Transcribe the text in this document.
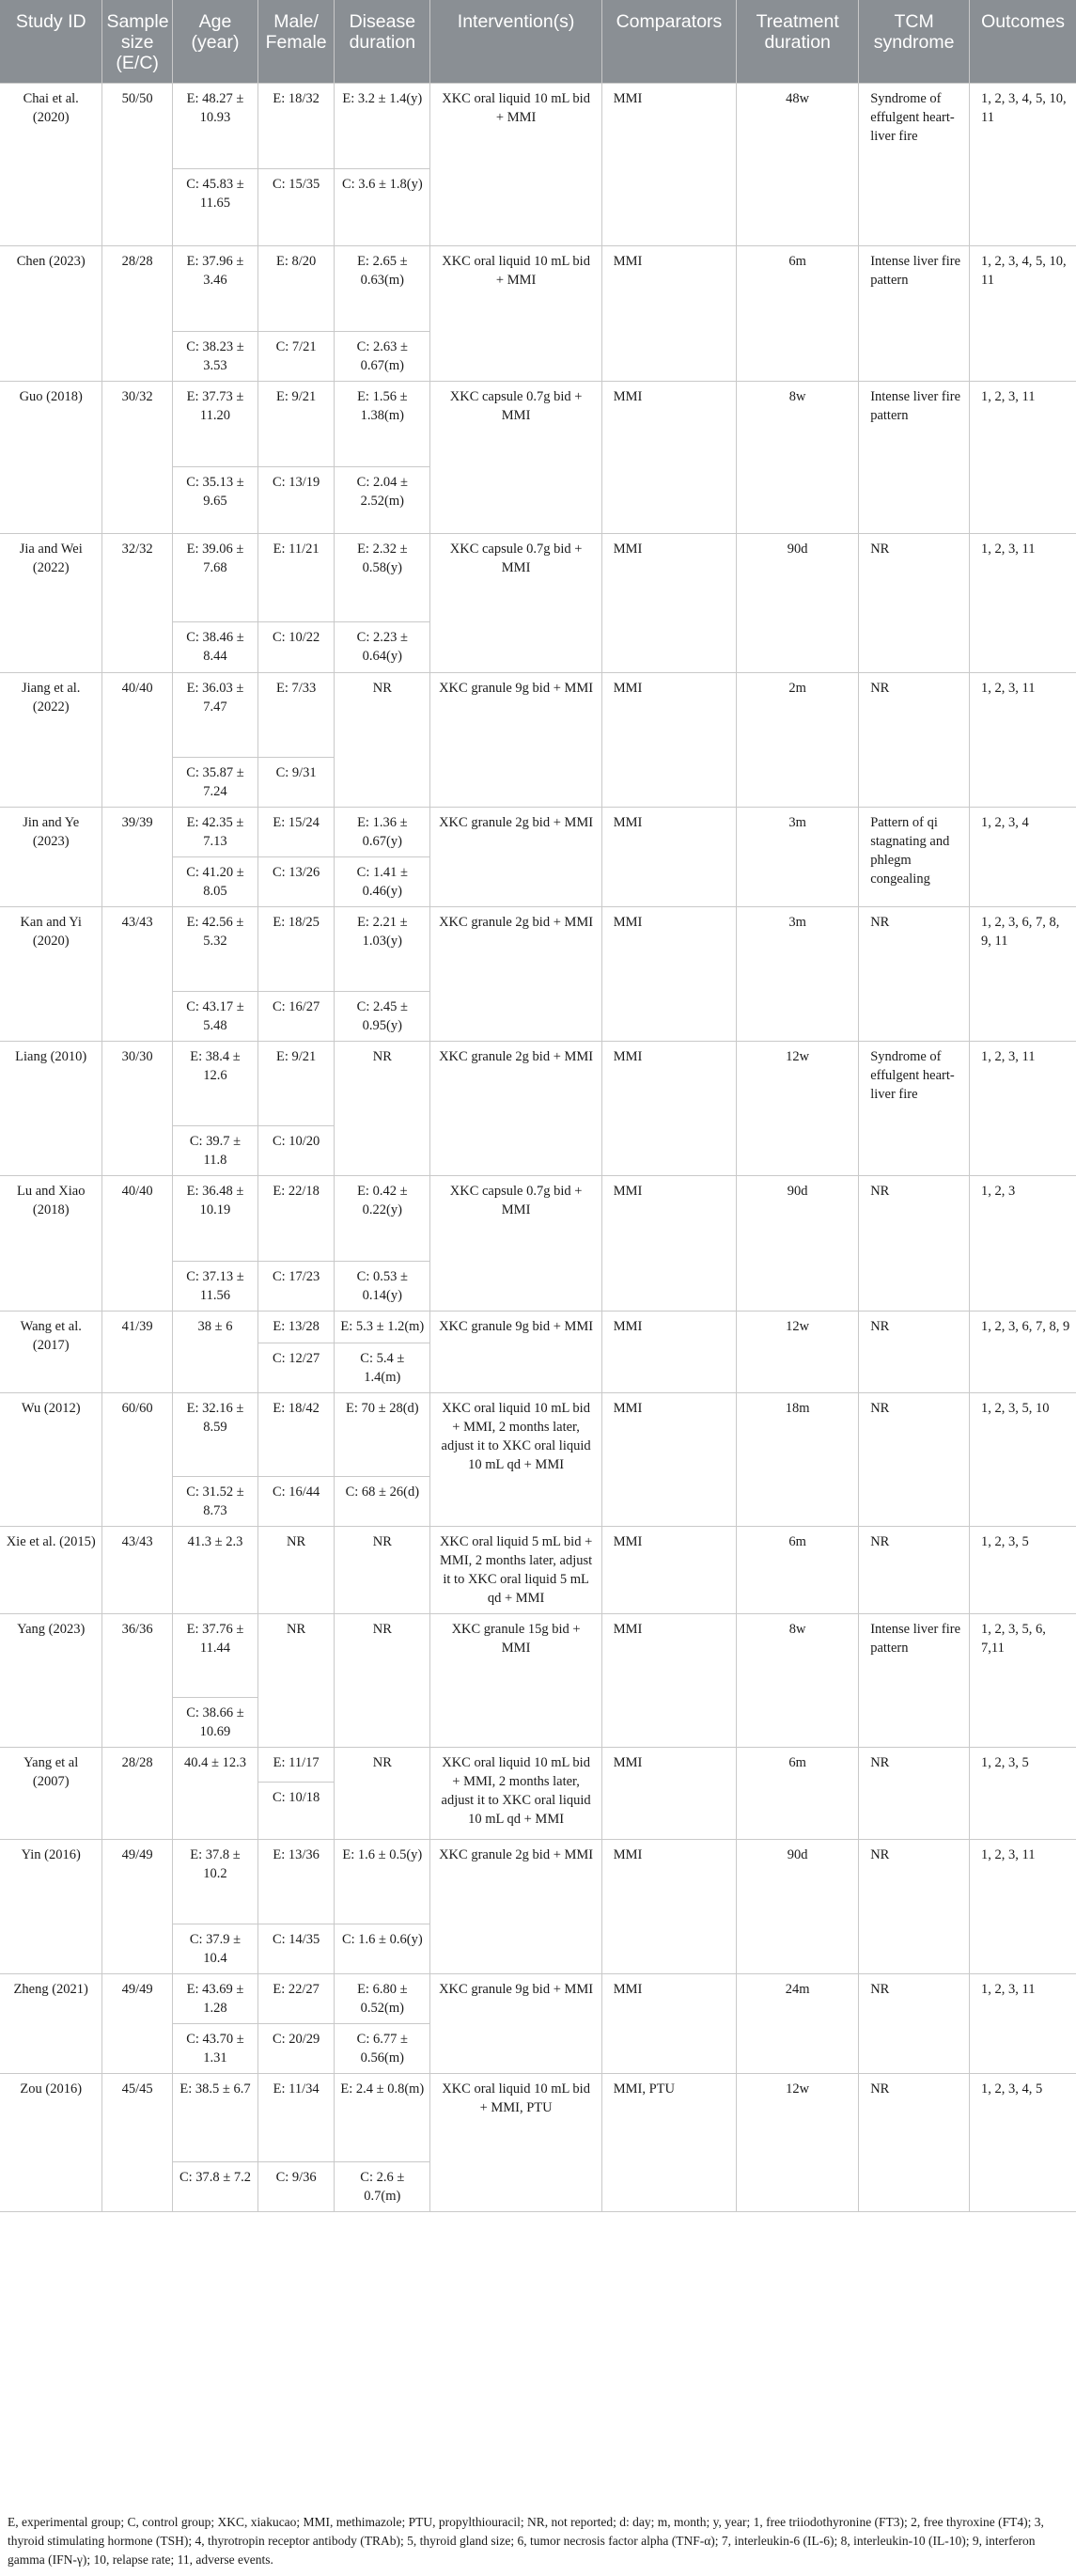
Study ID	Sample size (E/C)	Age (year)	Male/ Female	Disease duration	Intervention(s)	Comparators	Treatment duration	TCM syndrome	Outcomes
Chai et al. (2020)	50/50	E: 48.27 ± 10.93	E: 18/32	E: 3.2 ± 1.4(y)	XKC oral liquid 10 mL bid + MMI	MMI	48w	Syndrome of effulgent heart-liver fire	1, 2, 3, 4, 5, 10, 11
		C: 45.83 ± 11.65	C: 15/35	C: 3.6 ± 1.8(y)					
Chen (2023)	28/28	E: 37.96 ± 3.46	E: 8/20	E: 2.65 ± 0.63(m)	XKC oral liquid 10 mL bid + MMI	MMI	6m	Intense liver fire pattern	1, 2, 3, 4, 5, 10, 11
		C: 38.23 ± 3.53	C: 7/21	C: 2.63 ± 0.67(m)					
Guo (2018)	30/32	E: 37.73 ± 11.20	E: 9/21	E: 1.56 ± 1.38(m)	XKC capsule 0.7g bid + MMI	MMI	8w	Intense liver fire pattern	1, 2, 3, 11
		C: 35.13 ± 9.65	C: 13/19	C: 2.04 ± 2.52(m)					
Jia and Wei (2022)	32/32	E: 39.06 ± 7.68	E: 11/21	E: 2.32 ± 0.58(y)	XKC capsule 0.7g bid + MMI	MMI	90d	NR	1, 2, 3, 11
		C: 38.46 ± 8.44	C: 10/22	C: 2.23 ± 0.64(y)					
Jiang et al. (2022)	40/40	E: 36.03 ± 7.47	E: 7/33	NR	XKC granule 9g bid + MMI	MMI	2m	NR	1, 2, 3, 11
		C: 35.87 ± 7.24	C: 9/31						
Jin and Ye (2023)	39/39	E: 42.35 ± 7.13	E: 15/24	E: 1.36 ± 0.67(y)	XKC granule 2g bid + MMI	MMI	3m	Pattern of qi stagnating and phlegm congealing	1, 2, 3, 4
		C: 41.20 ± 8.05	C: 13/26	C: 1.41 ± 0.46(y)					
Kan and Yi (2020)	43/43	E: 42.56 ± 5.32	E: 18/25	E: 2.21 ± 1.03(y)	XKC granule 2g bid + MMI	MMI	3m	NR	1, 2, 3, 6, 7, 8, 9, 11
		C: 43.17 ± 5.48	C: 16/27	C: 2.45 ± 0.95(y)					
Liang (2010)	30/30	E: 38.4 ± 12.6	E: 9/21	NR	XKC granule 2g bid + MMI	MMI	12w	Syndrome of effulgent heart-liver fire	1, 2, 3, 11
		C: 39.7 ± 11.8	C: 10/20						
Lu and Xiao (2018)	40/40	E: 36.48 ± 10.19	E: 22/18	E: 0.42 ± 0.22(y)	XKC capsule 0.7g bid + MMI	MMI	90d	NR	1, 2, 3
		C: 37.13 ± 11.56	C: 17/23	C: 0.53 ± 0.14(y)					
Wang et al. (2017)	41/39	38 ± 6	E: 13/28	E: 5.3 ± 1.2(m)	XKC granule 9g bid + MMI	MMI	12w	NR	1, 2, 3, 6, 7, 8, 9
			C: 12/27	C: 5.4 ± 1.4(m)					
Wu (2012)	60/60	E: 32.16 ± 8.59	E: 18/42	E: 70 ± 28(d)	XKC oral liquid 10 mL bid + MMI, 2 months later, adjust it to XKC oral liquid 10 mL qd + MMI	MMI	18m	NR	1, 2, 3, 5, 10
		C: 31.52 ± 8.73	C: 16/44	C: 68 ± 26(d)					
Xie et al. (2015)	43/43	41.3 ± 2.3	NR	NR	XKC oral liquid 5 mL bid + MMI, 2 months later, adjust it to XKC oral liquid 5 mL qd + MMI	MMI	6m	NR	1, 2, 3, 5

Yang (2023)	36/36	E: 37.76 ± 11.44	NR	NR	XKC granule 15g bid + MMI	MMI	8w	Intense liver fire pattern	1, 2, 3, 5, 6, 7,11
		C: 38.66 ± 10.69							
Yang et al (2007)	28/28	40.4 ± 12.3	E: 11/17	NR	XKC oral liquid 10 mL bid + MMI, 2 months later, adjust it to XKC oral liquid 10 mL qd + MMI	MMI	6m	NR	1, 2, 3, 5
			C: 10/18						
Yin (2016)	49/49	E: 37.8 ± 10.2	E: 13/36	E: 1.6 ± 0.5(y)	XKC granule 2g bid + MMI	MMI	90d	NR	1, 2, 3, 11
		C: 37.9 ± 10.4	C: 14/35	C: 1.6 ± 0.6(y)					
Zheng (2021)	49/49	E: 43.69 ± 1.28	E: 22/27	E: 6.80 ± 0.52(m)	XKC granule 9g bid + MMI	MMI	24m	NR	1, 2, 3, 11
		C: 43.70 ± 1.31	C: 20/29	C: 6.77 ± 0.56(m)					
Zou (2016)	45/45	E: 38.5 ± 6.7	E: 11/34	E: 2.4 ± 0.8(m)	XKC oral liquid 10 mL bid + MMI, PTU	MMI, PTU	12w	NR	1, 2, 3, 4, 5
		C: 37.8 ± 7.2	C: 9/36	C: 2.6 ± 0.7(m)					

E, experimental group; C, control group; XKC, xiakucao; MMI, methimazole; PTU, propylthiouracil; NR, not reported; d: day; m, month; y, year; 1, free triiodothyronine (FT3); 2, free thyroxine (FT4); 3, thyroid stimulating hormone (TSH); 4, thyrotropin receptor antibody (TRAb); 5, thyroid gland size; 6, tumor necrosis factor alpha (TNF-α); 7, interleukin-6 (IL-6); 8, interleukin-10 (IL-10); 9, interferon gamma (IFN-γ); 10, relapse rate; 11, adverse events.
